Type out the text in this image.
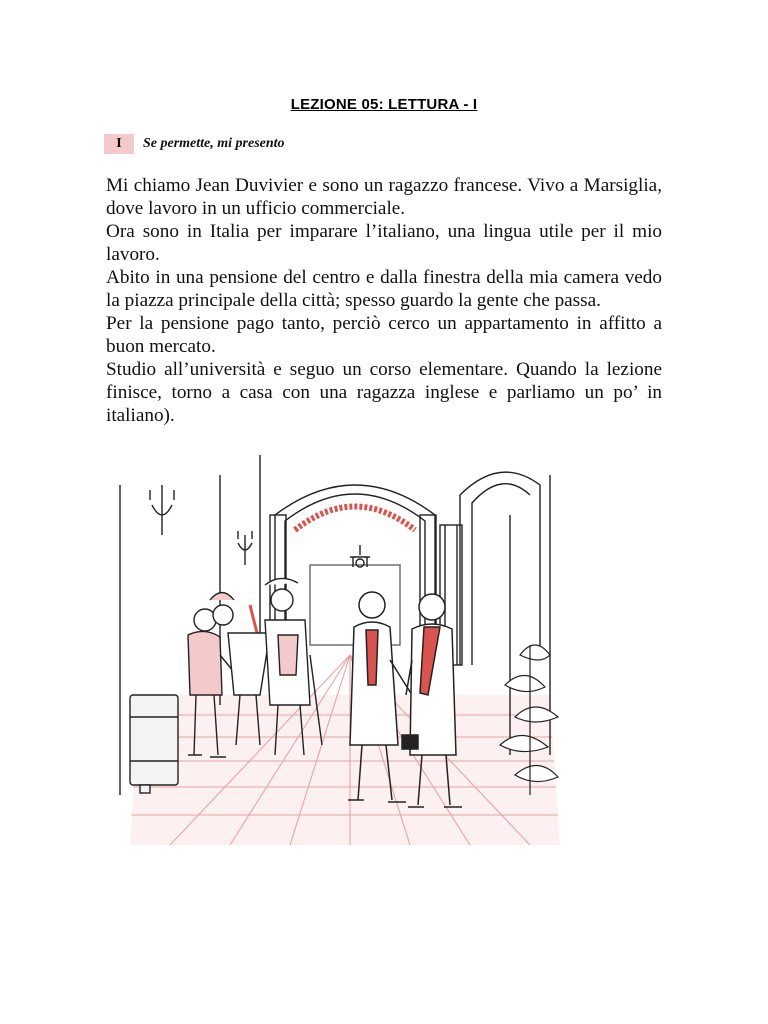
LEZIONE 05: LETTURA - I
I	Se permette, mi presento

Mi chiamo Jean Duvivier e sono un ragazzo francese. Vivo a Marsiglia, dove lavoro in un ufficio commerciale.

Ora sono in Italia per imparare l’italiano, una lingua utile per il mio lavoro.

Abito in una pensione del centro e dalla finestra della mia camera vedo la piazza principale della città; spesso guardo la gente che passa.

Per la pensione pago tanto, perciò cerco un appartamento in affitto a buon mercato.

Studio all’università e seguo un corso elementare. Quando la lezione finisce, torno a casa con una ragazza inglese e parliamo un po’ in italiano).
